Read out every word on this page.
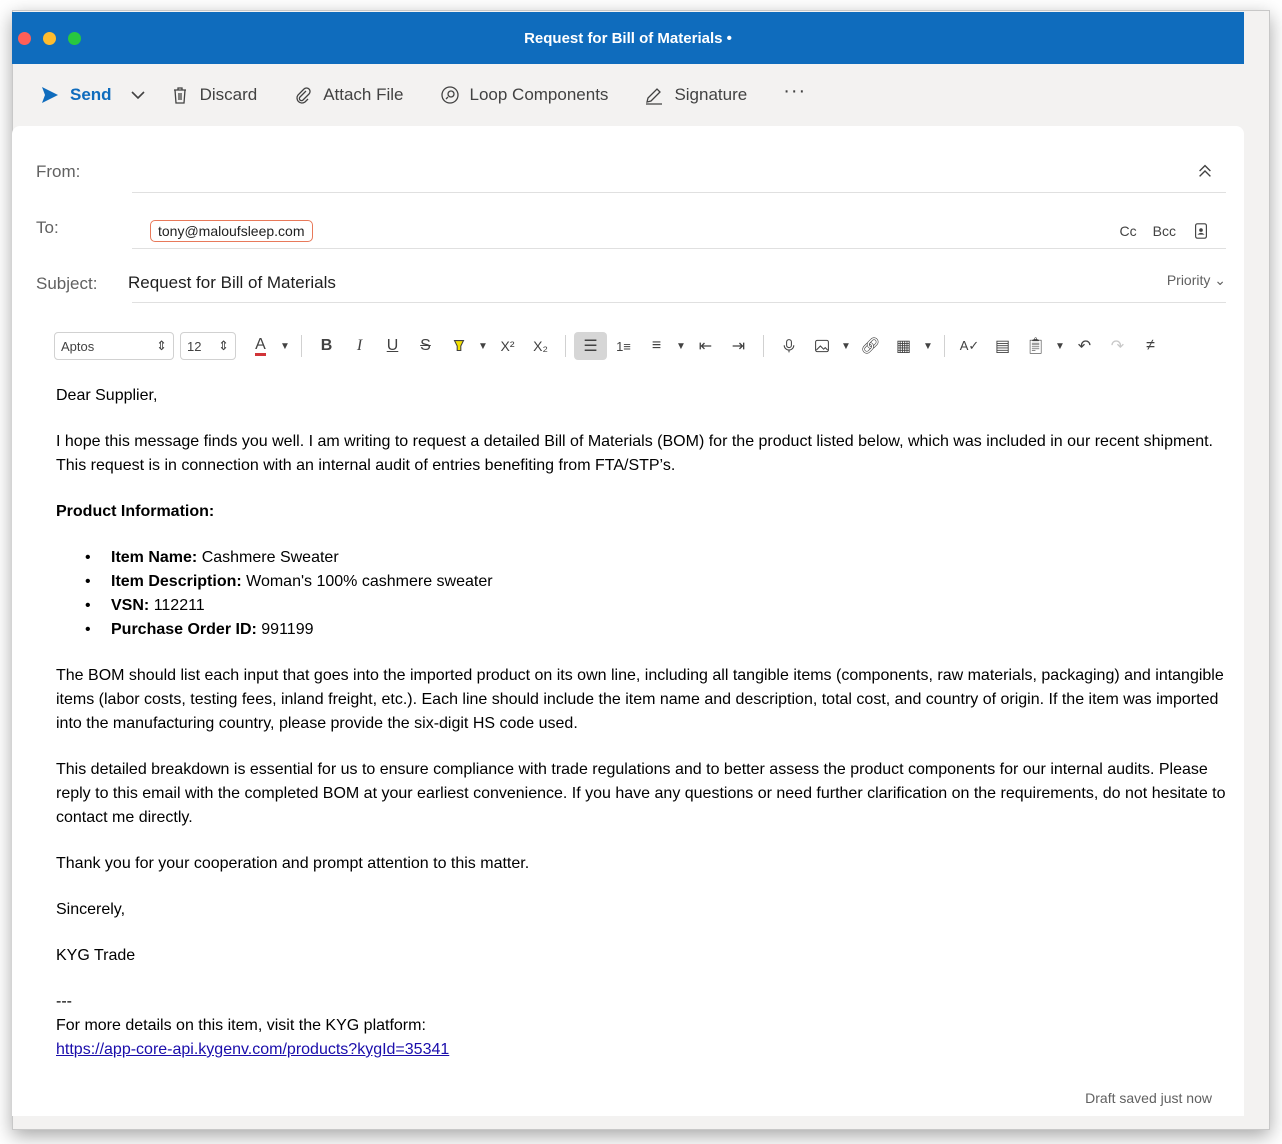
Request for Bill of Materials •
Send	Discard	Attach File	Loop Components	Signature ···
From:
To:	tony@maloufsleep.com	Cc Bcc
Subject: Request for Bill of Materials	Priority ⌄
Aptos	⇕ 12 ⇕ A	▼	B	I	U	S	▼ X²	X₂	☰ 1≡ ≡	▼ ⇤ ⇥	▼ 🔗︎ ▦	▼ A✓ ▤ 📋︎ ▼ ↶ ↷ ≠

Dear Supplier,

I hope this message finds you well. I am writing to request a detailed Bill of Materials (BOM) for the product listed below, which was included in our recent shipment. This request is in connection with an internal audit of entries benefiting from FTA/STP’s.

Product Information:

• Item Name: Cashmere Sweater
• Item Description: Woman's 100% cashmere sweater
• VSN: 112211
• Purchase Order ID: 991199

The BOM should list each input that goes into the imported product on its own line, including all tangible items (components, raw materials, packaging) and intangible items (labor costs, testing fees, inland freight, etc.). Each line should include the item name and description, total cost, and country of origin. If the item was imported into the manufacturing country, please provide the six-digit HS code used.

This detailed breakdown is essential for us to ensure compliance with trade regulations and to better assess the product components for our internal audits. Please reply to this email with the completed BOM at your earliest convenience. If you have any questions or need further clarification on the requirements, do not hesitate to contact me directly.

Thank you for your cooperation and prompt attention to this matter.

Sincerely,

KYG Trade

---
For more details on this item, visit the KYG platform:
https://app-core-api.kygenv.com/products?kygId=35341
Draft saved just now
